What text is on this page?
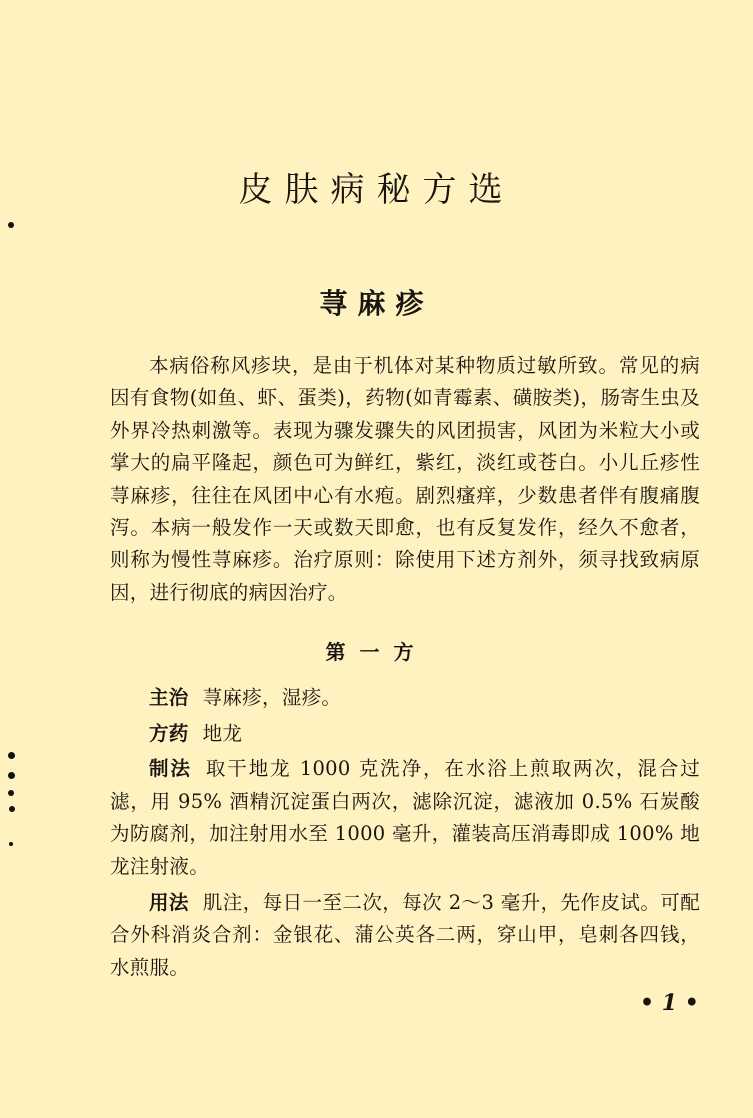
皮肤病秘方选
荨麻疹

本病俗称风疹块，是由于机体对某种物质过敏所致。常见的病因有食物(如鱼、虾、蛋类)，药物(如青霉素、磺胺类)，肠寄生虫及外界冷热刺激等。表现为骤发骤失的风团损害，风团为米粒大小或掌大的扁平隆起，颜色可为鲜红，紫红，淡红或苍白。小儿丘疹性荨麻疹，往往在风团中心有水疱。剧烈瘙痒，少数患者伴有腹痛腹泻。本病一般发作一天或数天即愈，也有反复发作，经久不愈者，则称为慢性荨麻疹。治疗原则：除使用下述方剂外，须寻找致病原因，进行彻底的病因治疗。

第一方

主治 荨麻疹，湿疹。

方药 地龙

制法 取干地龙 1000 克洗净，在水浴上煎取两次，混合过滤，用 95% 酒精沉淀蛋白两次，滤除沉淀，滤液加 0.5% 石炭酸为防腐剂，加注射用水至 1000 毫升，灌装高压消毒即成 100% 地龙注射液。

用法 肌注，每日一至二次，每次 2～3 毫升，先作皮试。可配合外科消炎合剂：金银花、蒲公英各二两，穿山甲，皂刺各四钱，水煎服。

• 1 •
